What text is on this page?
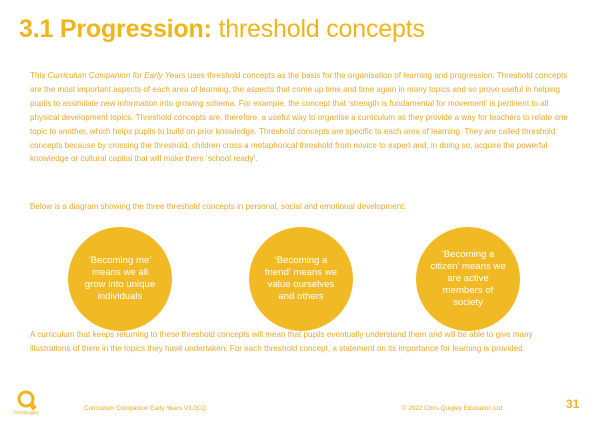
3.1 Progression: threshold concepts

This Curriculum Companion for Early Years uses threshold concepts as the basis for the organisation of learning and progression. Threshold concepts are the most important aspects of each area of learning, the aspects that come up time and time again in many topics and so prove useful in helping pupils to assimilate new information into growing schema. For example, the concept that ‘strength is fundamental for movement’ is pertinent to all physical development topics. Threshold concepts are, therefore, a useful way to organise a curriculum as they provide a way for teachers to relate one topic to another, which helps pupils to build on prior knowledge. Threshold concepts are specific to each area of learning. They are called threshold concepts because by crossing the threshold, children cross a metaphorical threshold from novice to expert and, in doing so, acquire the powerful knowledge or cultural capital that will make them ‘school ready’.

Below is a diagram showing the three threshold concepts in personal, social and emotional development:

‘Becoming me’ means we all grow into unique individuals
‘Becoming a friend’ means we value ourselves and others
‘Becoming a citizen’ means we are active members of society

A curriculum that keeps returning to these threshold concepts will mean that pupils eventually understand them and will be able to give many illustrations of them in the topics they have undertaken. For each threshold concept, a statement on its importance for learning is provided.

ChrisQuigley
Curriculum Companion Early Years V3.0CQ	© 2022 Chris Quigley Education Ltd	31
